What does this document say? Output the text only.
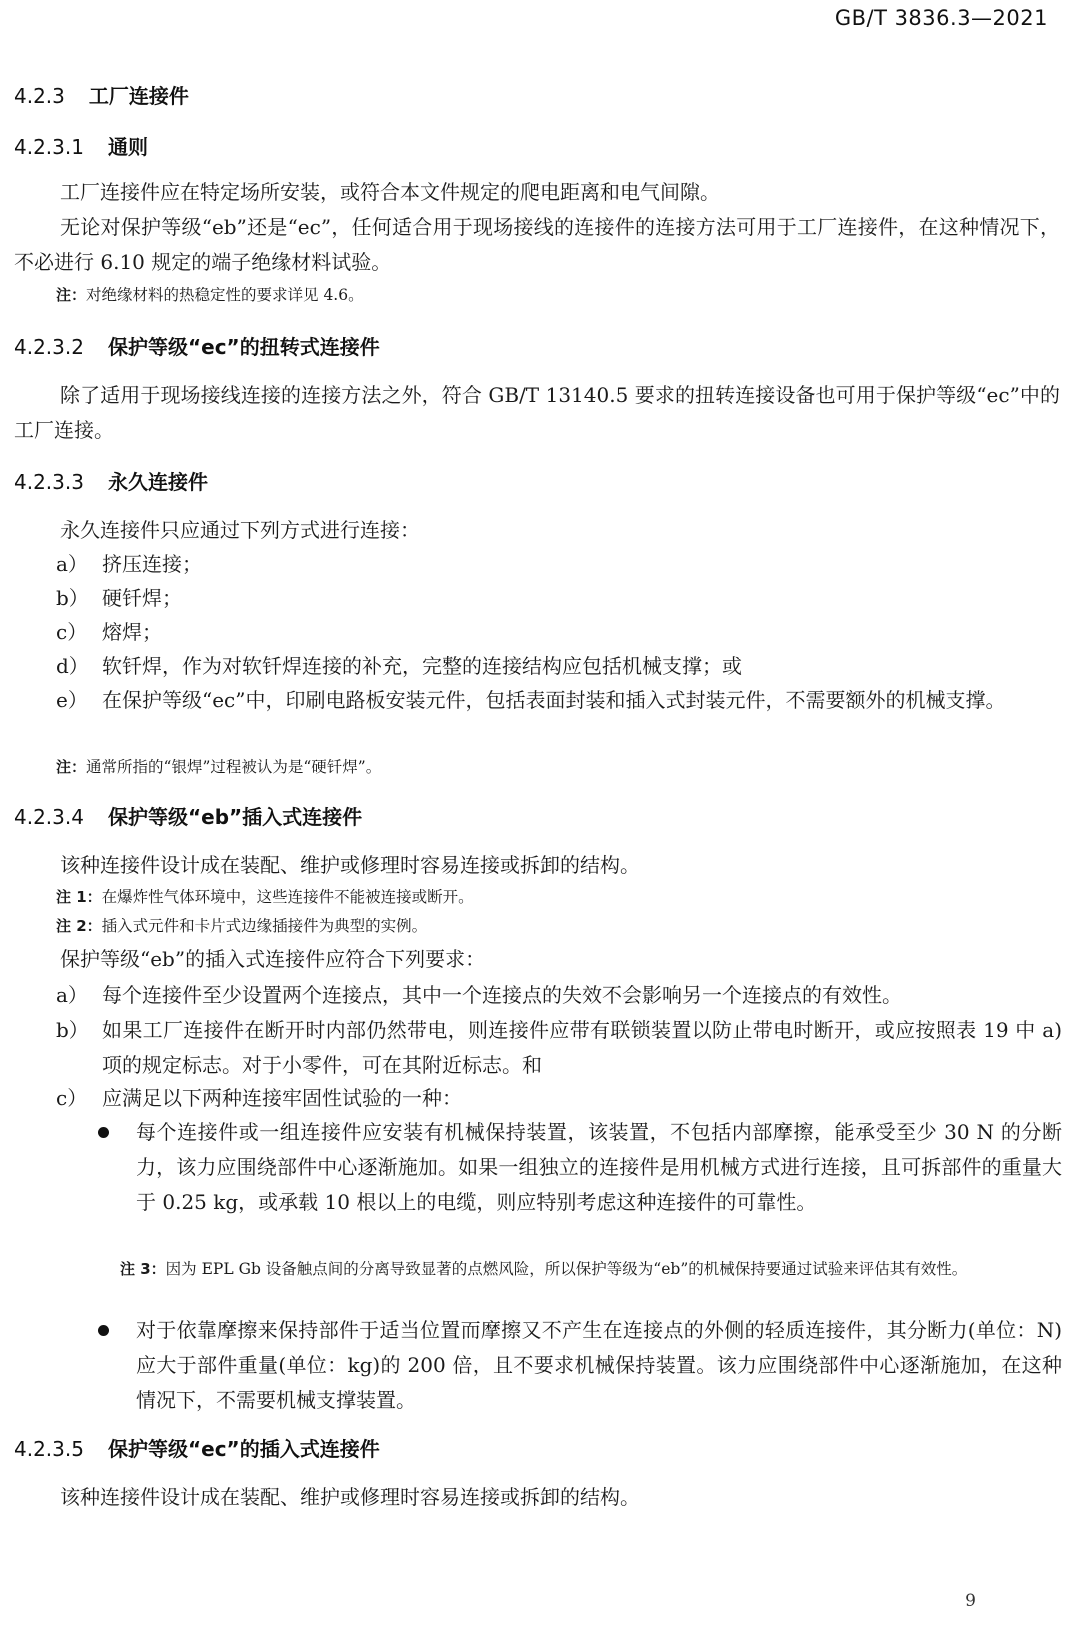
GB/T 3836.3—2021
4.2.3 工厂连接件
4.2.3.1 通则
工厂连接件应在特定场所安装，或符合本文件规定的爬电距离和电气间隙。
无论对保护等级“eb”还是“ec”，任何适合用于现场接线的连接件的连接方法可用于工厂连接件，在这种情况下，不必进行 6.10 规定的端子绝缘材料试验。
注：对绝缘材料的热稳定性的要求详见 4.6。
4.2.3.2 保护等级“ec”的扭转式连接件
除了适用于现场接线连接的连接方法之外，符合 GB/T 13140.5 要求的扭转连接设备也可用于保护等级“ec”中的工厂连接。
4.2.3.3 永久连接件
永久连接件只应通过下列方式进行连接：
a） 挤压连接；
b） 硬钎焊；
c） 熔焊；
d） 软钎焊，作为对软钎焊连接的补充，完整的连接结构应包括机械支撑；或
e） 在保护等级“ec”中，印刷电路板安装元件，包括表面封装和插入式封装元件，不需要额外的机械支撑。
注：通常所指的“银焊”过程被认为是“硬钎焊”。
4.2.3.4 保护等级“eb”插入式连接件
该种连接件设计成在装配、维护或修理时容易连接或拆卸的结构。
注 1：在爆炸性气体环境中，这些连接件不能被连接或断开。
注 2：插入式元件和卡片式边缘插接件为典型的实例。
保护等级“eb”的插入式连接件应符合下列要求：
a） 每个连接件至少设置两个连接点，其中一个连接点的失效不会影响另一个连接点的有效性。
b） 如果工厂连接件在断开时内部仍然带电，则连接件应带有联锁装置以防止带电时断开，或应按照表 19 中 a)项的规定标志。对于小零件，可在其附近标志。和
c） 应满足以下两种连接牢固性试验的一种：
每个连接件或一组连接件应安装有机械保持装置，该装置，不包括内部摩擦，能承受至少 30 N 的分断力，该力应围绕部件中心逐渐施加。如果一组独立的连接件是用机械方式进行连接，且可拆部件的重量大于 0.25 kg，或承载 10 根以上的电缆，则应特别考虑这种连接件的可靠性。
注 3：因为 EPL Gb 设备触点间的分离导致显著的点燃风险，所以保护等级为“eb”的机械保持要通过试验来评估其有效性。
对于依靠摩擦来保持部件于适当位置而摩擦又不产生在连接点的外侧的轻质连接件，其分断力(单位：N)应大于部件重量(单位：kg)的 200 倍，且不要求机械保持装置。该力应围绕部件中心逐渐施加，在这种情况下，不需要机械支撑装置。
4.2.3.5 保护等级“ec”的插入式连接件
该种连接件设计成在装配、维护或修理时容易连接或拆卸的结构。
9
